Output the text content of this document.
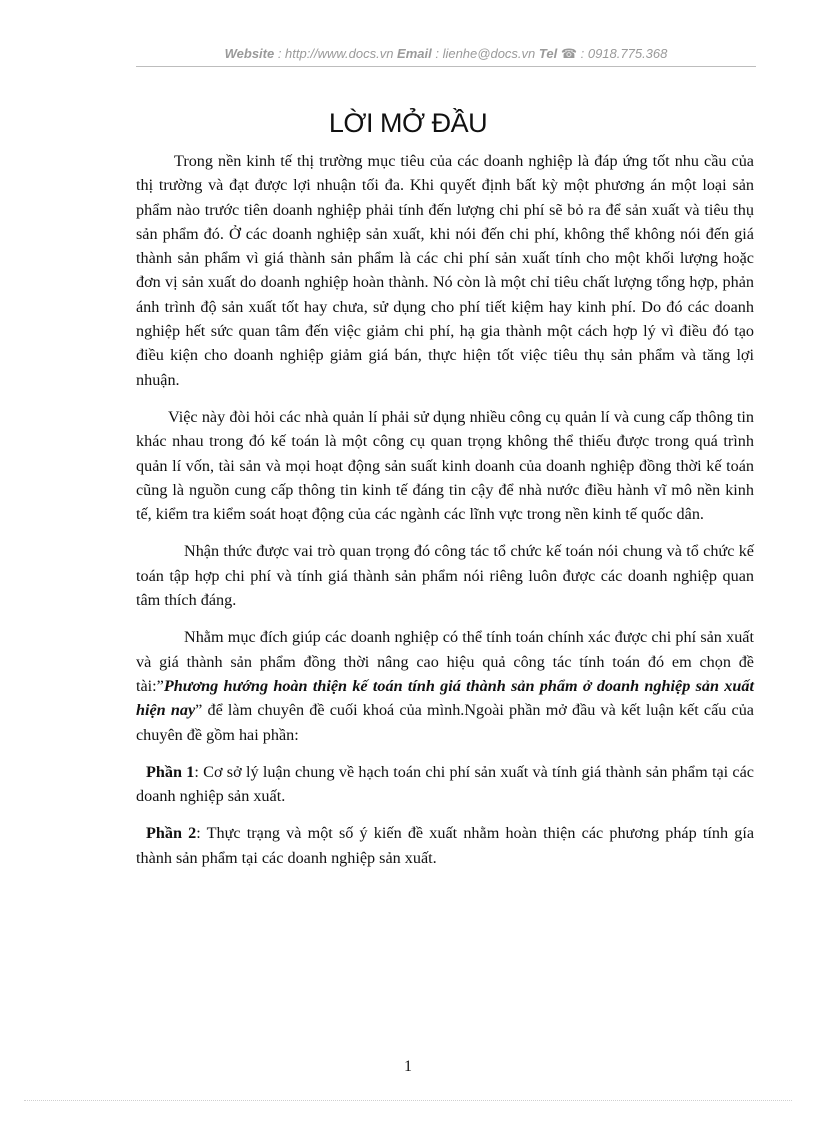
Website : http://www.docs.vn Email : lienhe@docs.vn Tel ☎ : 0918.775.368
LỜI MỞ ĐẦU

Trong nền kinh tế thị trường mục tiêu của các doanh nghiệp là đáp ứng tốt nhu cầu của thị trường và đạt được lợi nhuận tối đa. Khi quyết định bất kỳ một phương án một loại sản phẩm nào trước tiên doanh nghiệp phải tính đến lượng chi phí sẽ bỏ ra để sản xuất và tiêu thụ sản phẩm đó. Ở các doanh nghiệp sản xuất, khi nói đến chi phí, không thể không nói đến giá thành sản phẩm vì giá thành sản phẩm là các chi phí sản xuất tính cho một khối lượng hoặc đơn vị sản xuất do doanh nghiệp hoàn thành. Nó còn là một chỉ tiêu chất lượng tổng hợp, phản ánh trình độ sản xuất tốt hay chưa, sử dụng cho phí tiết kiệm hay kinh phí. Do đó các doanh nghiệp hết sức quan tâm đến việc giảm chi phí, hạ gia thành một cách hợp lý vì điều đó tạo điều kiện cho doanh nghiệp giảm giá bán, thực hiện tốt việc tiêu thụ sản phẩm và tăng lợi nhuận.

Việc này đòi hỏi các nhà quản lí phải sử dụng nhiều công cụ quản lí và cung cấp thông tin khác nhau trong đó kế toán là một công cụ quan trọng không thể thiếu được trong quá trình quản lí vốn, tài sản và mọi hoạt động sản suất kinh doanh của doanh nghiệp đồng thời kế toán cũng là nguồn cung cấp thông tin kinh tế đáng tin cậy để nhà nước điều hành vĩ mô nền kinh tế, kiểm tra kiểm soát hoạt động của các ngành các lĩnh vực trong nền kinh tế quốc dân.

Nhận thức được vai trò quan trọng đó công tác tổ chức kế toán nói chung và tổ chức kế toán tập hợp chi phí và tính giá thành sản phẩm nói riêng luôn được các doanh nghiệp quan tâm thích đáng.

Nhằm mục đích giúp các doanh nghiệp có thể tính toán chính xác được chi phí sản xuất và giá thành sản phẩm đồng thời nâng cao hiệu quả công tác tính toán đó em chọn đề tài:”Phương hướng hoàn thiện kế toán tính giá thành sản phẩm ở doanh nghiệp sản xuất hiện nay” để làm chuyên đề cuối khoá của mình.Ngoài phần mở đầu và kết luận kết cấu của chuyên đề gồm hai phần:

Phần 1: Cơ sở lý luận chung về hạch toán chi phí sản xuất và tính giá thành sản phẩm tại các doanh nghiệp sản xuất.

Phần 2: Thực trạng và một số ý kiến đề xuất nhằm hoàn thiện các phương pháp tính gía thành sản phẩm tại các doanh nghiệp sản xuất.

1
